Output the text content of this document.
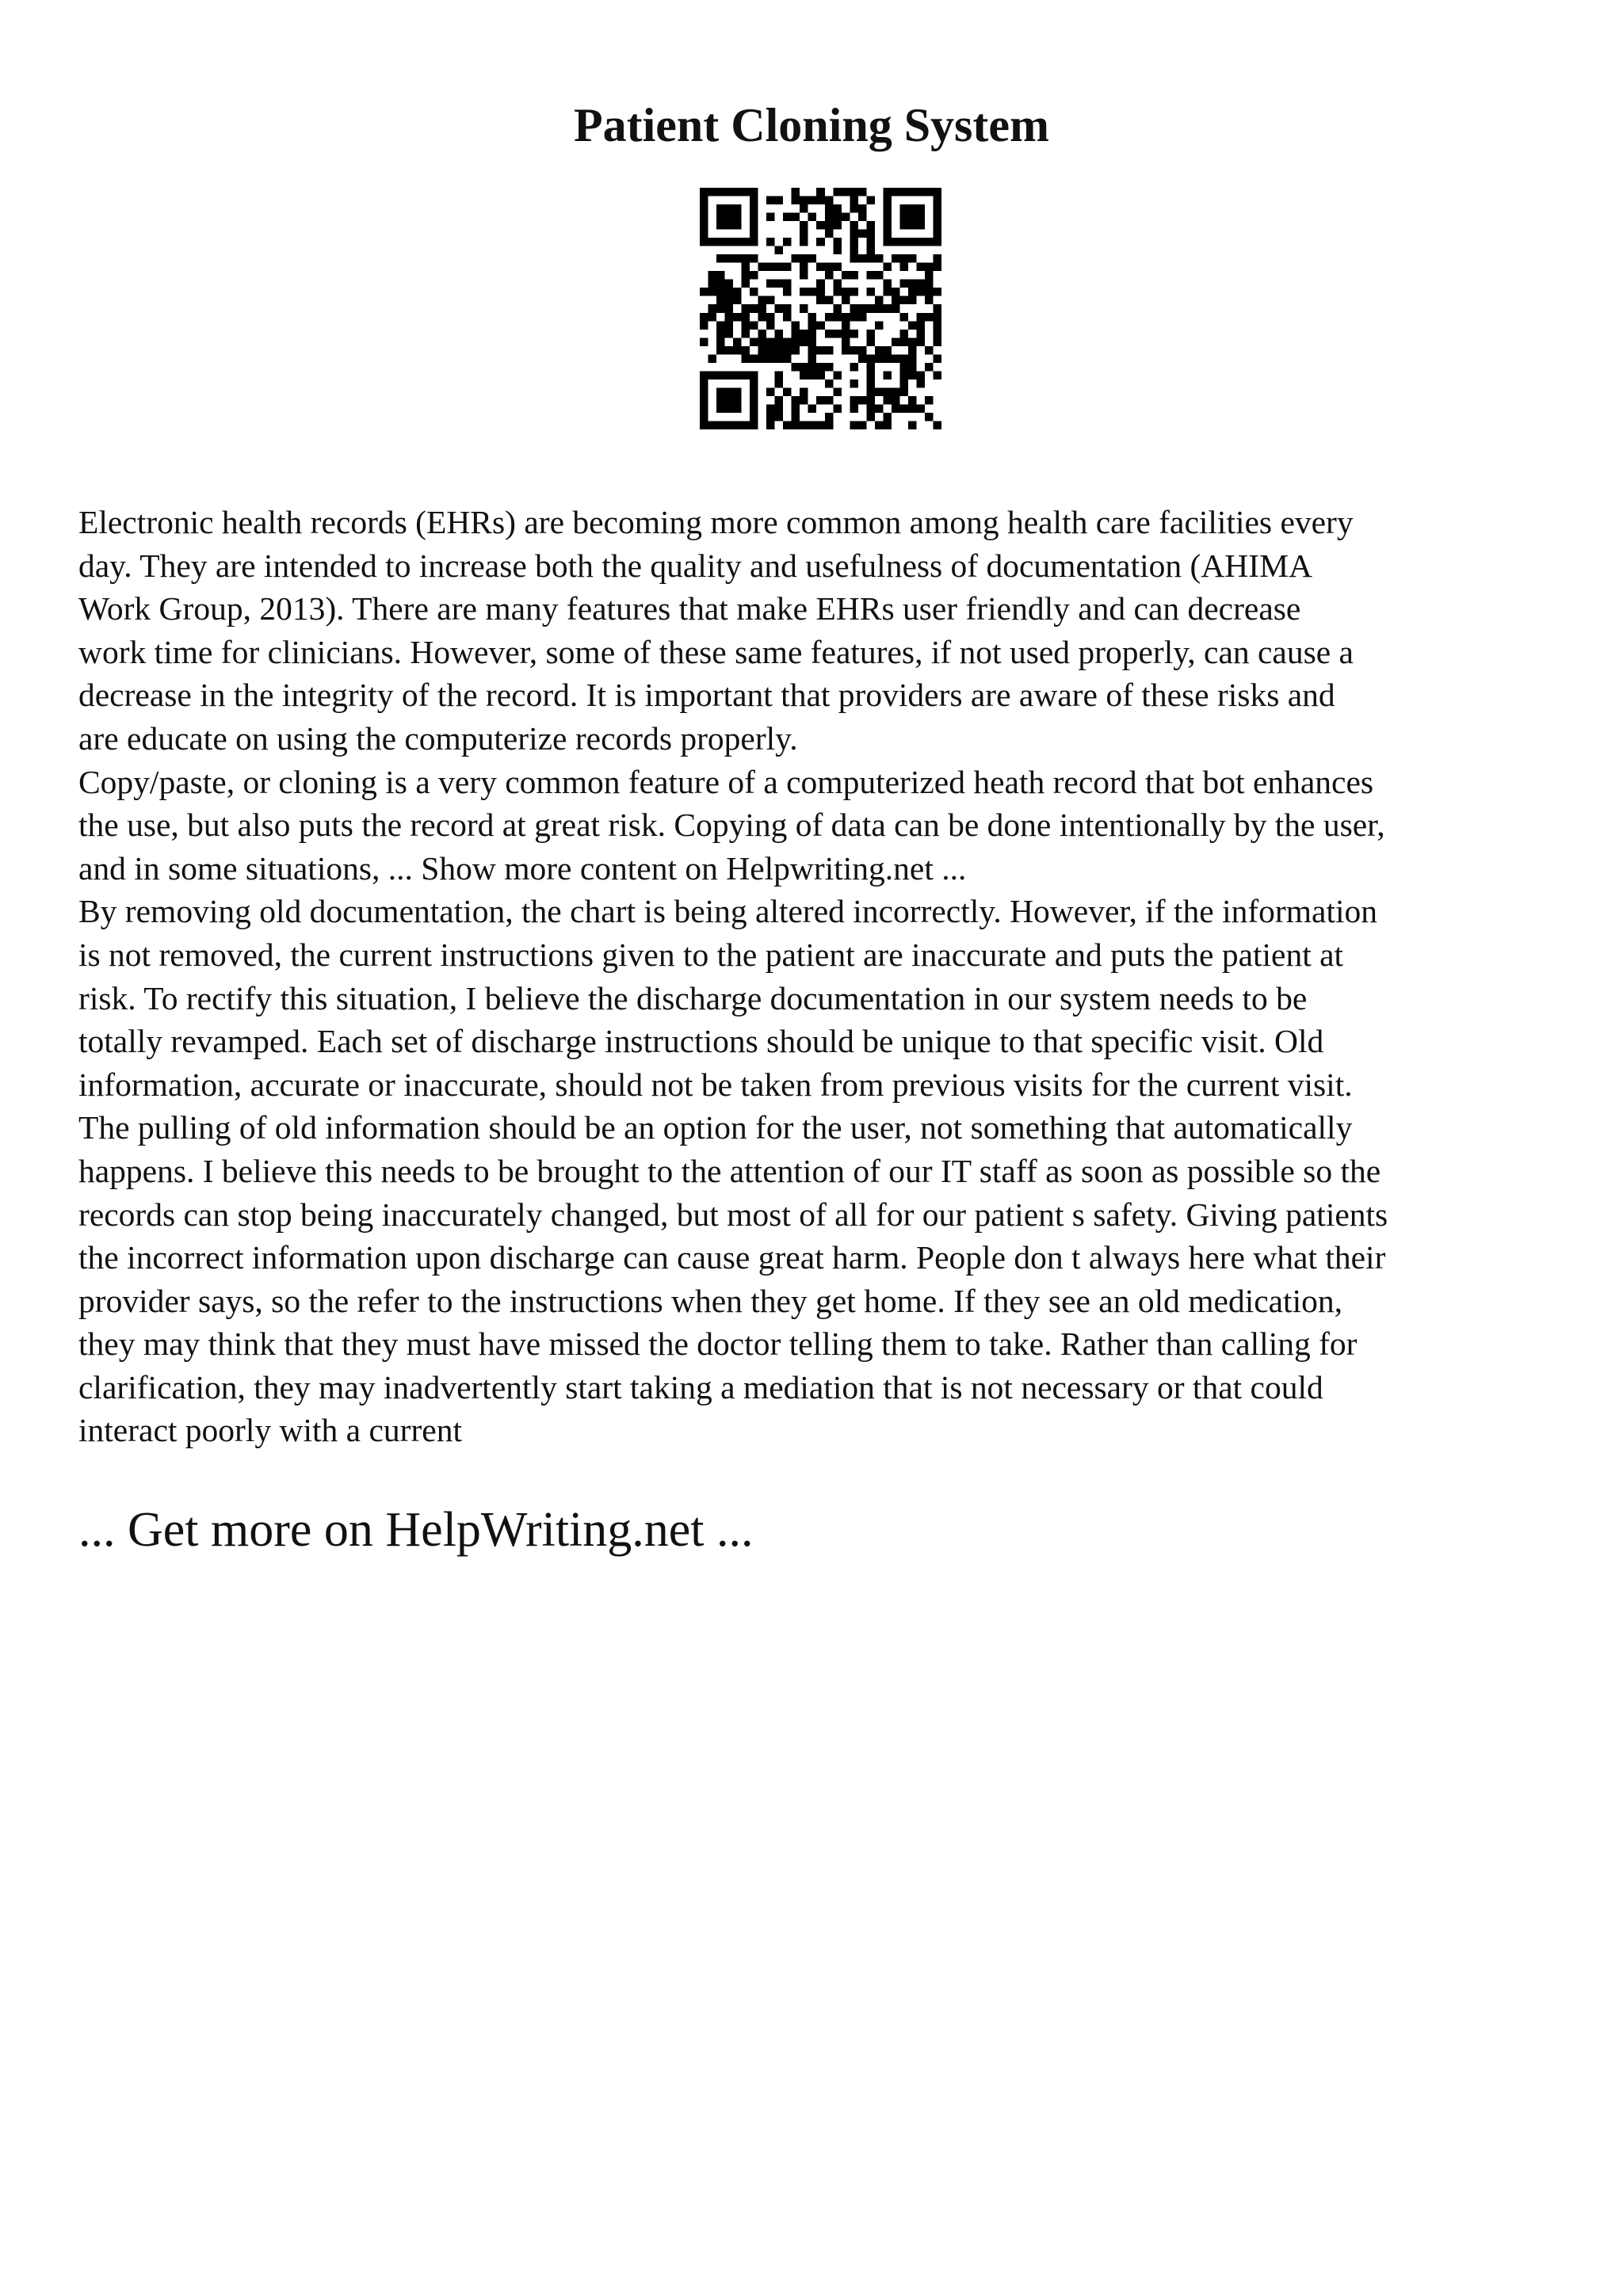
Patient Cloning System

Electronic health records (EHRs) are becoming more common among health care facilities every
day. They are intended to increase both the quality and usefulness of documentation (AHIMA
Work Group, 2013). There are many features that make EHRs user friendly and can decrease
work time for clinicians. However, some of these same features, if not used properly, can cause a
decrease in the integrity of the record. It is important that providers are aware of these risks and
are educate on using the computerize records properly.

Copy/paste, or cloning is a very common feature of a computerized heath record that bot enhances
the use, but also puts the record at great risk. Copying of data can be done intentionally by the user,
and in some situations, ... Show more content on Helpwriting.net ...

By removing old documentation, the chart is being altered incorrectly. However, if the information
is not removed, the current instructions given to the patient are inaccurate and puts the patient at
risk. To rectify this situation, I believe the discharge documentation in our system needs to be
totally revamped. Each set of discharge instructions should be unique to that specific visit. Old
information, accurate or inaccurate, should not be taken from previous visits for the current visit.
The pulling of old information should be an option for the user, not something that automatically
happens. I believe this needs to be brought to the attention of our IT staff as soon as possible so the
records can stop being inaccurately changed, but most of all for our patient s safety. Giving patients
the incorrect information upon discharge can cause great harm. People don t always here what their
provider says, so the refer to the instructions when they get home. If they see an old medication,
they may think that they must have missed the doctor telling them to take. Rather than calling for
clarification, they may inadvertently start taking a mediation that is not necessary or that could
interact poorly with a current

... Get more on HelpWriting.net ...
